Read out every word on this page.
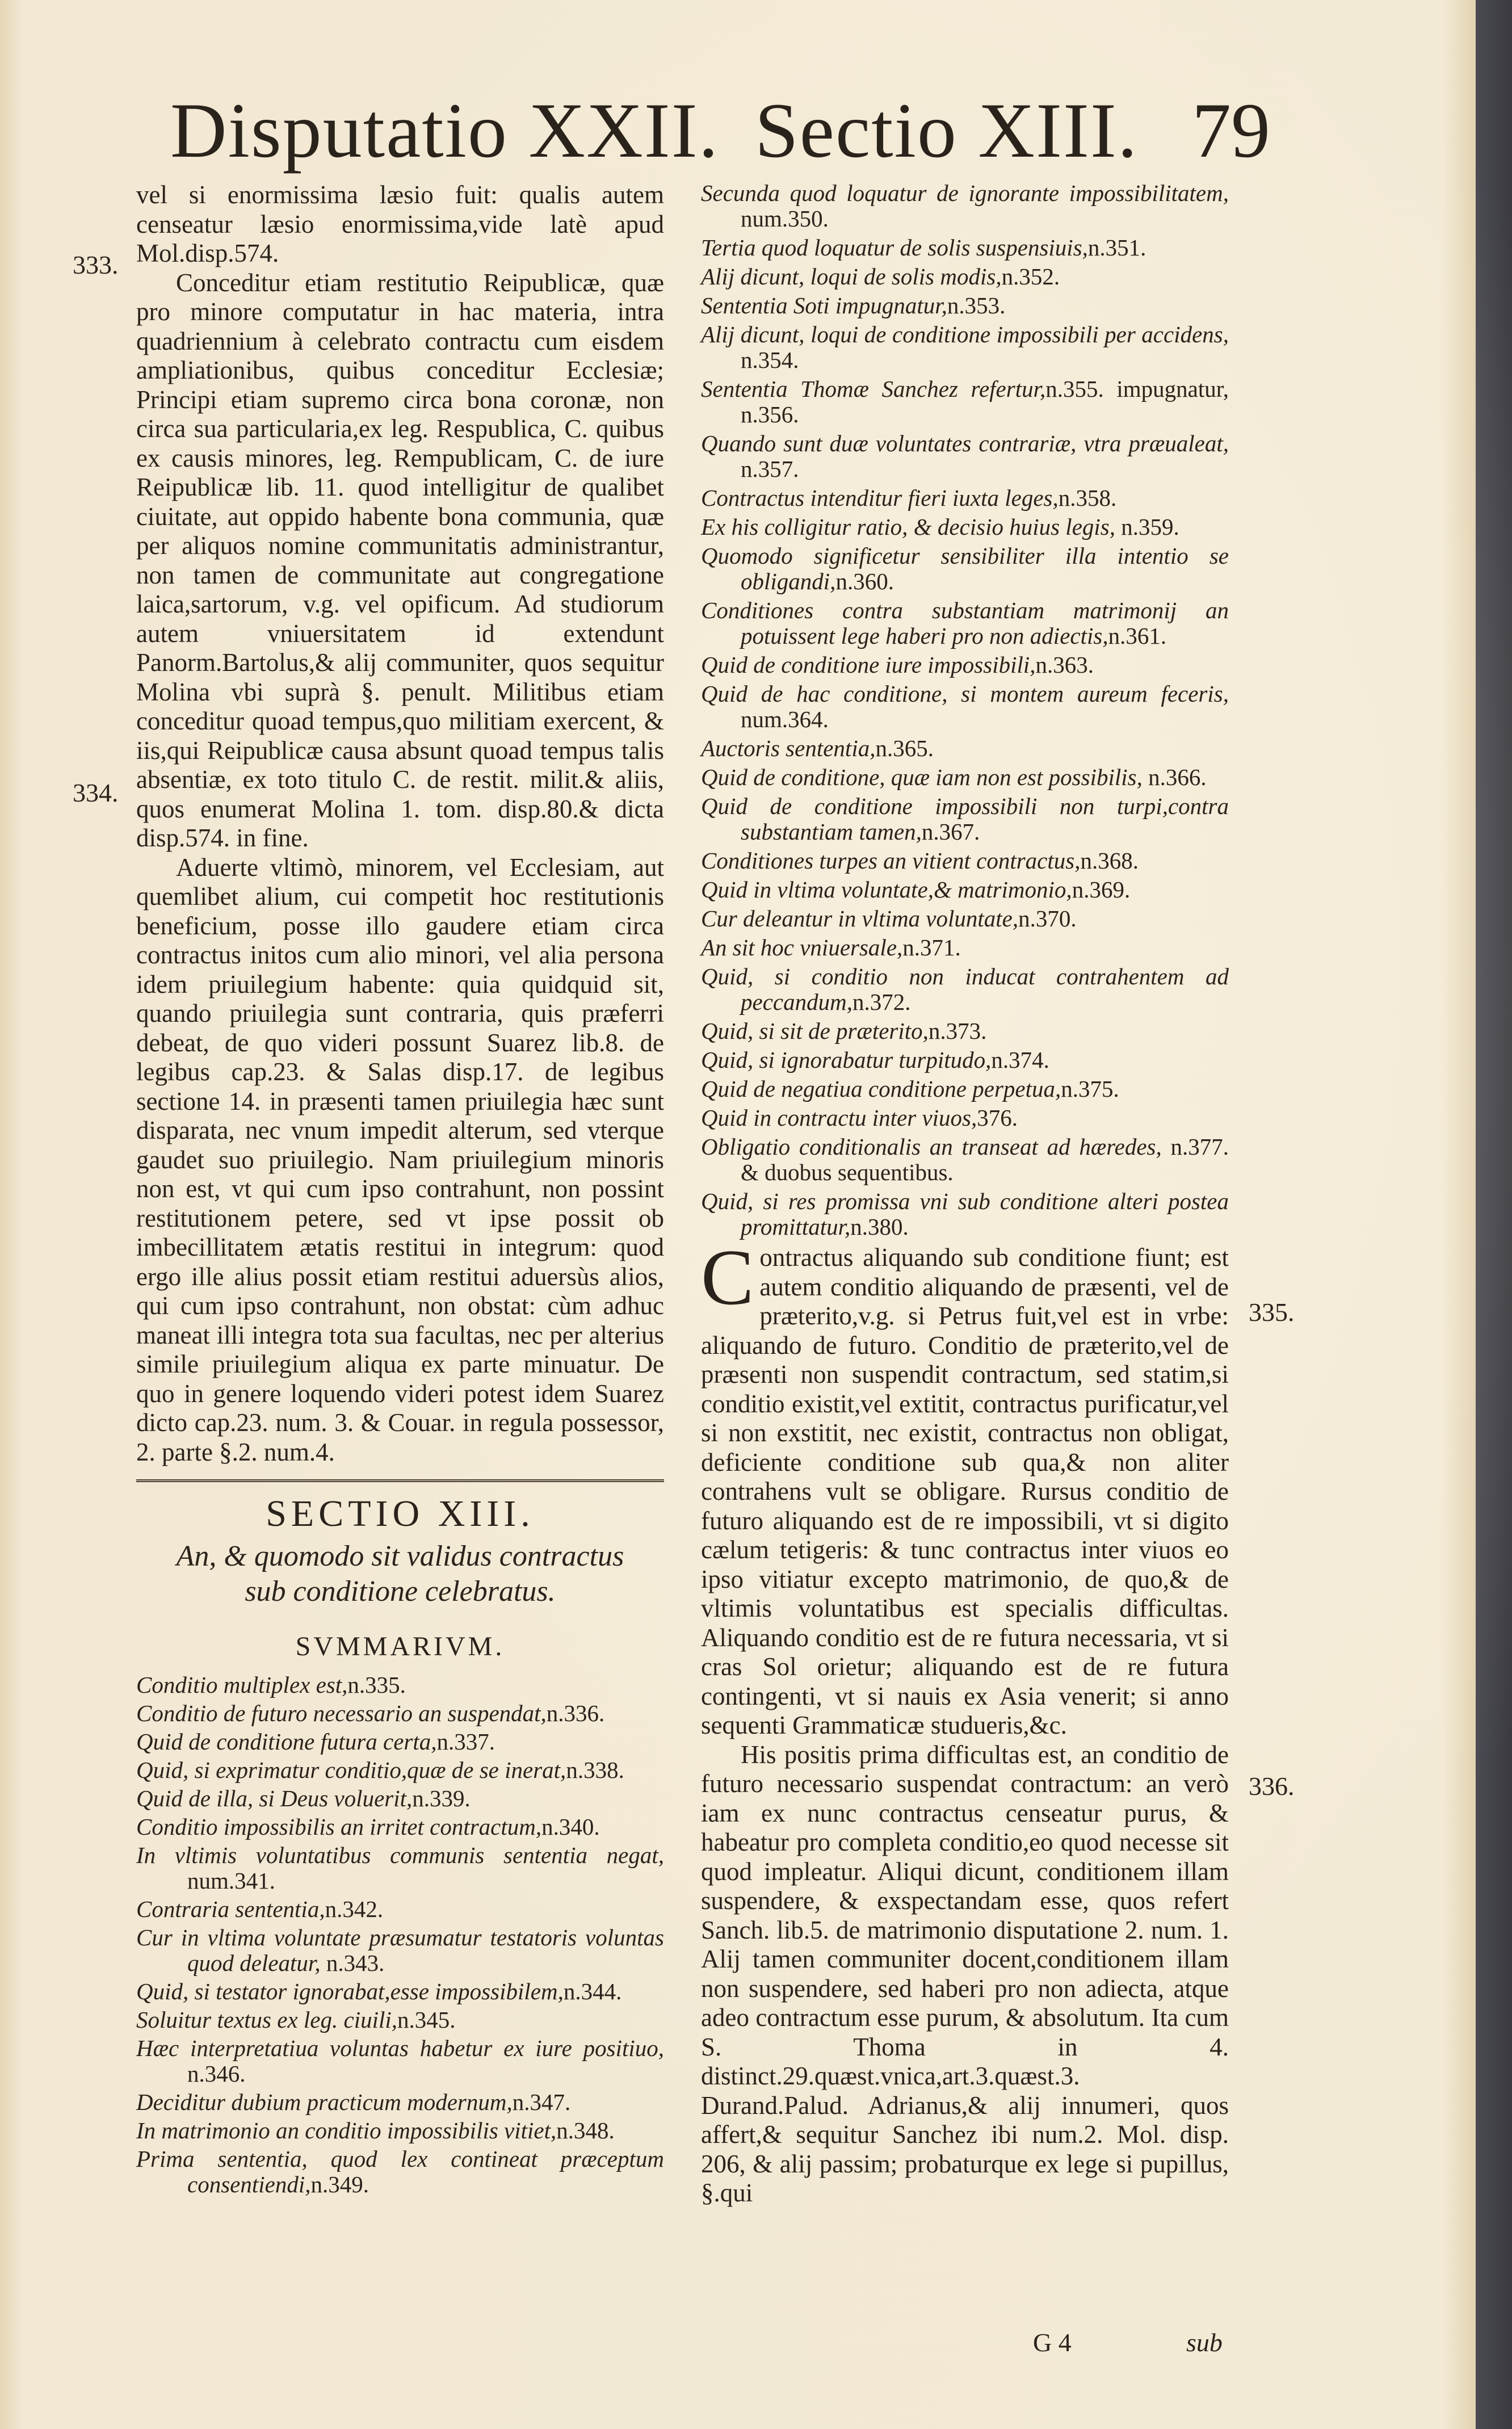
Disputatio XXII. Sectio XIII. 79
333.
334.
335.
336.

vel si enormissima læsio fuit: qualis autem censeatur læsio enormissima,vide latè apud Mol.disp.574.

Conceditur etiam restitutio Reipublicæ, quæ pro minore computatur in hac materia, intra quadriennium à celebrato contractu cum eisdem ampliationibus, quibus conceditur Ecclesiæ; Principi etiam supremo circa bona coronæ, non circa sua particularia,ex leg. Respublica, C. quibus ex causis minores, leg. Rempublicam, C. de iure Reipublicæ lib. 11. quod intelligitur de qualibet ciuitate, aut oppido habente bona communia, quæ per aliquos nomine communitatis administrantur, non tamen de communitate aut congregatione laica,sartorum, v.g. vel opificum. Ad studiorum autem vniuersitatem id extendunt Panorm.Bartolus,& alij communiter, quos sequitur Molina vbi suprà §. penult. Militibus etiam conceditur quoad tempus,quo militiam exercent, & iis,qui Reipublicæ causa absunt quoad tempus talis absentiæ, ex toto titulo C. de restit. milit.& aliis, quos enumerat Molina 1. tom. disp.80.& dicta disp.574. in fine.

Aduerte vltimò, minorem, vel Ecclesiam, aut quemlibet alium, cui competit hoc restitutionis beneficium, posse illo gaudere etiam circa contractus initos cum alio minori, vel alia persona idem priuilegium habente: quia quidquid sit, quando priuilegia sunt contraria, quis præferri debeat, de quo videri possunt Suarez lib.8. de legibus cap.23. & Salas disp.17. de legibus sectione 14. in præsenti tamen priuilegia hæc sunt disparata, nec vnum impedit alterum, sed vterque gaudet suo priuilegio. Nam priuilegium minoris non est, vt qui cum ipso contrahunt, non possint restitutionem petere, sed vt ipse possit ob imbecillitatem ætatis restitui in integrum: quod ergo ille alius possit etiam restitui aduersùs alios, qui cum ipso contrahunt, non obstat: cùm adhuc maneat illi integra tota sua facultas, nec per alterius simile priuilegium aliqua ex parte minuatur. De quo in genere loquendo videri potest idem Suarez dicto cap.23. num. 3. & Couar. in regula possessor, 2. parte §.2. num.4.

SECTIO XIII.
An, & quomodo sit validus contractus sub conditione celebratus.
SVMMARIVM.
Conditio multiplex est,n.335.
Conditio de futuro necessario an suspendat,n.336.
Quid de conditione futura certa,n.337.
Quid, si exprimatur conditio,quæ de se inerat,n.338.
Quid de illa, si Deus voluerit,n.339.
Conditio impossibilis an irritet contractum,n.340.
In vltimis voluntatibus communis sententia negat, num.341.
Contraria sententia,n.342.
Cur in vltima voluntate præsumatur testatoris voluntas quod deleatur, n.343.
Quid, si testator ignorabat,esse impossibilem,n.344.
Soluitur textus ex leg. ciuili,n.345.
Hæc interpretatiua voluntas habetur ex iure positiuo, n.346.
Deciditur dubium practicum modernum,n.347.
In matrimonio an conditio impossibilis vitiet,n.348.
Prima sententia, quod lex contineat præceptum consentiendi,n.349.
Secunda quod loquatur de ignorante impossibilitatem, num.350.
Tertia quod loquatur de solis suspensiuis,n.351.
Alij dicunt, loqui de solis modis,n.352.
Sententia Soti impugnatur,n.353.
Alij dicunt, loqui de conditione impossibili per accidens, n.354.
Sententia Thomæ Sanchez refertur,n.355. impugnatur, n.356.
Quando sunt duæ voluntates contrariæ, vtra præualeat, n.357.
Contractus intenditur fieri iuxta leges,n.358.
Ex his colligitur ratio, & decisio huius legis, n.359.
Quomodo significetur sensibiliter illa intentio se obligandi,n.360.
Conditiones contra substantiam matrimonij an potuissent lege haberi pro non adiectis,n.361.
Quid de conditione iure impossibili,n.363.
Quid de hac conditione, si montem aureum feceris, num.364.
Auctoris sententia,n.365.
Quid de conditione, quæ iam non est possibilis, n.366.
Quid de conditione impossibili non turpi,contra substantiam tamen,n.367.
Conditiones turpes an vitient contractus,n.368.
Quid in vltima voluntate,& matrimonio,n.369.
Cur deleantur in vltima voluntate,n.370.
An sit hoc vniuersale,n.371.
Quid, si conditio non inducat contrahentem ad peccandum,n.372.
Quid, si sit de præterito,n.373.
Quid, si ignorabatur turpitudo,n.374.
Quid de negatiua conditione perpetua,n.375.
Quid in contractu inter viuos,376.
Obligatio conditionalis an transeat ad hæredes, n.377. & duobus sequentibus.
Quid, si res promissa vni sub conditione alteri postea promittatur,n.380.

Contractus aliquando sub conditione fiunt; est autem conditio aliquando de præsenti, vel de præterito,v.g. si Petrus fuit,vel est in vrbe: aliquando de futuro. Conditio de præterito,vel de præsenti non suspendit contractum, sed statim,si conditio existit,vel extitit, contractus purificatur,vel si non exstitit, nec existit, contractus non obligat, deficiente conditione sub qua,& non aliter contrahens vult se obligare. Rursus conditio de futuro aliquando est de re impossibili, vt si digito cælum tetigeris: & tunc contractus inter viuos eo ipso vitiatur excepto matrimonio, de quo,& de vltimis voluntatibus est specialis difficultas. Aliquando conditio est de re futura necessaria, vt si cras Sol orietur; aliquando est de re futura contingenti, vt si nauis ex Asia venerit; si anno sequenti Grammaticæ studueris,&c.

His positis prima difficultas est, an conditio de futuro necessario suspendat contractum: an verò iam ex nunc contractus censeatur purus, & habeatur pro completa conditio,eo quod necesse sit quod impleatur. Aliqui dicunt, conditionem illam suspendere, & exspectandam esse, quos refert Sanch. lib.5. de matrimonio disputatione 2. num. 1. Alij tamen communiter docent,conditionem illam non suspendere, sed haberi pro non adiecta, atque adeo contractum esse purum, & absolutum. Ita cum S. Thoma in 4. distinct.29.quæst.vnica,art.3.quæst.3. Durand.Palud. Adrianus,& alij innumeri, quos affert,& sequitur Sanchez ibi num.2. Mol. disp. 206, & alij passim; probaturque ex lege si pupillus, §.qui

G 4	sub
